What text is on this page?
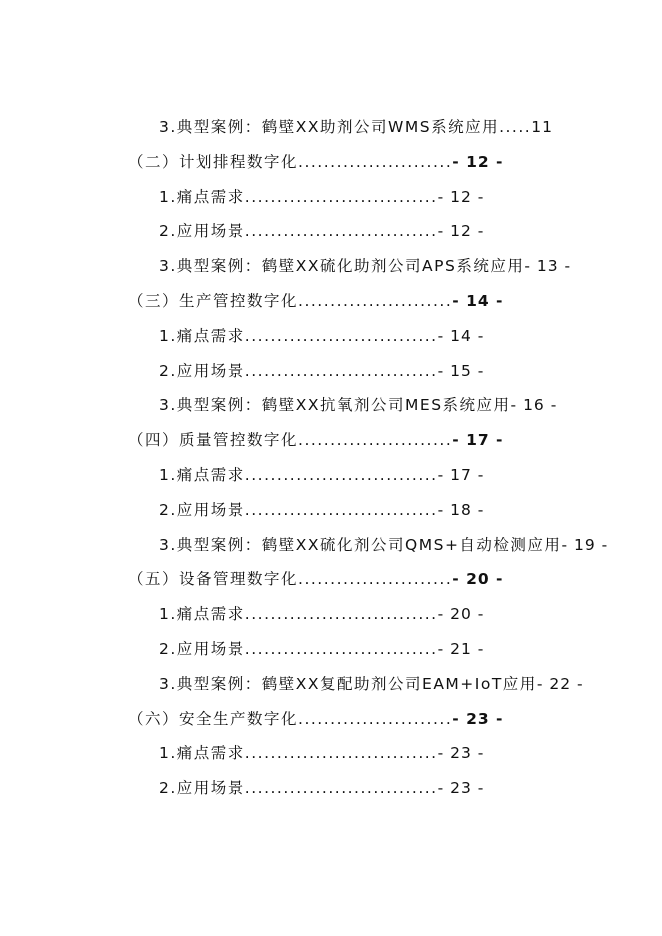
3.典型案例：鹤壁XX助剂公司WMS系统应用.....11
（二）计划排程数字化........................- 12 -
1.痛点需求..............................- 12 -
2.应用场景..............................- 12 -
3.典型案例：鹤壁XX硫化助剂公司APS系统应用- 13 -
（三）生产管控数字化........................- 14 -
1.痛点需求..............................- 14 -
2.应用场景..............................- 15 -
3.典型案例：鹤壁XX抗氧剂公司MES系统应用- 16 -
（四）质量管控数字化........................- 17 -
1.痛点需求..............................- 17 -
2.应用场景..............................- 18 -
3.典型案例：鹤壁XX硫化剂公司QMS+自动检测应用- 19 -
（五）设备管理数字化........................- 20 -
1.痛点需求..............................- 20 -
2.应用场景..............................- 21 -
3.典型案例：鹤壁XX复配助剂公司EAM+IoT应用- 22 -
（六）安全生产数字化........................- 23 -
1.痛点需求..............................- 23 -
2.应用场景..............................- 23 -
